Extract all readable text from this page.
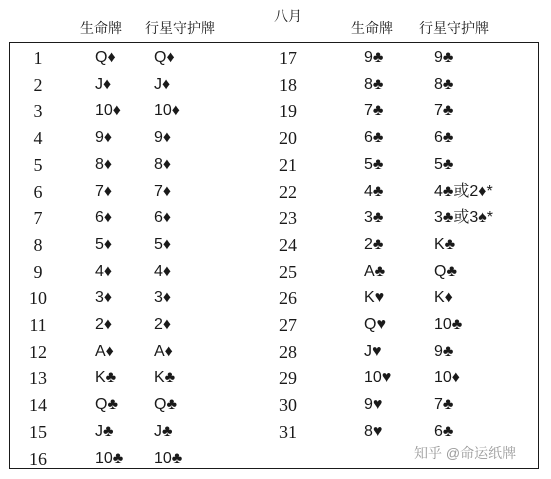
八月
生命牌 行星守护牌	生命牌 行星守护牌
1	Q♦ Q♦
2	J♦	J♦
3	10♦ 10♦
4	9♦	9♦
5	8♦	8♦
6	7♦	7♦
7	6♦	6♦
8	5♦	5♦
9	4♦	4♦
10	3♦	3♦
11	2♦	2♦
12	A♦	A♦
13	K♣ K♣
14	Q♣ Q♣
15	J♣	J♣
16	10♣ 10♣
17	9♣	9♣
18	8♣	8♣
19	7♣	7♣
20	6♣	6♣
21	5♣	5♣
22	4♣	4♣或2♦*
23	3♣	3♣或3♠*
24	2♣	K♣
25	A♣	Q♣
26	K♥	K♦
27	Q♥	10♣
28	J♥	9♣
29	10♥	10♦
30	9♥	7♣
31	8♥	6♣
知乎 @命运纸牌
